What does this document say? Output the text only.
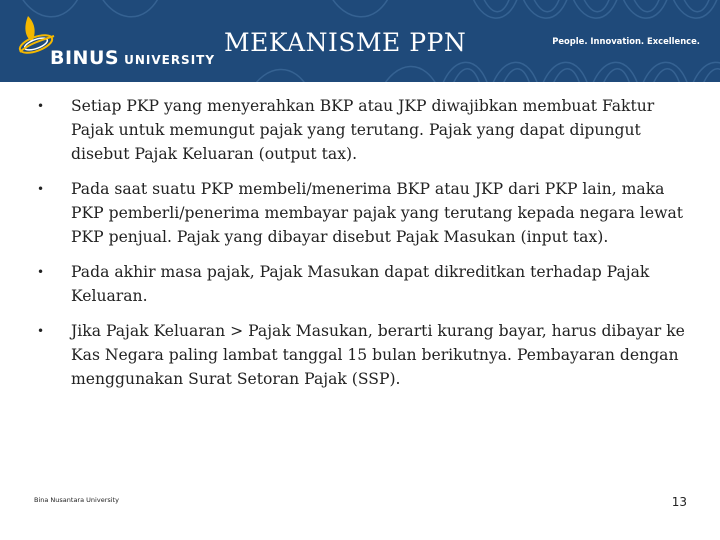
BINUS UNIVERSITY
MEKANISME PPN	People. Innovation. Excellence.
• Setiap PKP yang menyerahkan BKP atau JKP diwajibkan membuat Faktur Pajak untuk memungut pajak yang terutang. Pajak yang dapat dipungut disebut Pajak Keluaran (output tax).
• Pada saat suatu PKP membeli/menerima BKP atau JKP dari PKP lain, maka PKP pemberli/penerima membayar pajak yang terutang kepada negara lewat PKP penjual. Pajak yang dibayar disebut Pajak Masukan (input tax).
• Pada akhir masa pajak, Pajak Masukan dapat dikreditkan terhadap Pajak Keluaran.
• Jika Pajak Keluaran > Pajak Masukan, berarti kurang bayar, harus dibayar ke Kas Negara paling lambat tanggal 15 bulan berikutnya. Pembayaran dengan menggunakan Surat Setoran Pajak (SSP).
Bina Nusantara University	13
